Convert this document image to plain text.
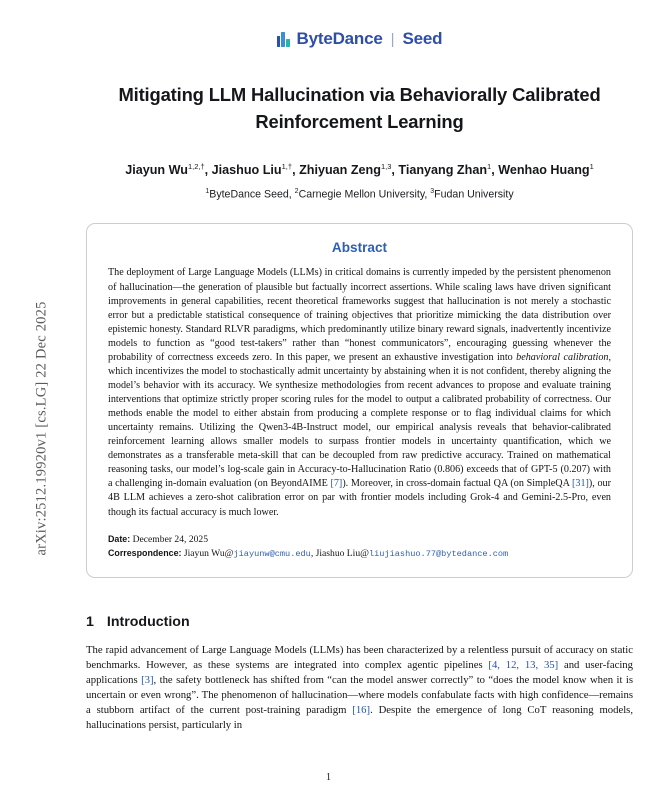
arXiv:2512.19920v1 [cs.LG] 22 Dec 2025
ByteDance | Seed
Mitigating LLM Hallucination via Behaviorally Calibrated Reinforcement Learning
Jiayun $Wu^{1,2,\dagger}$, Jiashuo Liu$^{1,\dagger}$, Zhiyuan Zeng$^{1,3}$, Tianyang Zhan$^1$, Wenhao Huang$^1$
$^1$ByteDance Seed, $^2$Carnegie Mellon University, $^3$Fudan University
Abstract
The deployment of Large Language Models (LLMs) in critical domains is currently impeded by the persistent phenomenon of hallucination—the generation of plausible but factually incorrect assertions. While scaling laws have driven significant improvements in general capabilities, recent theoretical frameworks suggest that hallucination is not merely a stochastic error but a predictable statistical consequence of training objectives that prioritize mimicking the data distribution over epistemic honesty. Standard RLVR paradigms, which predominantly utilize binary reward signals, inadvertently incentivize models to function as “good test-takers” rather than “honest communicators”, encouraging guessing whenever the probability of correctness exceeds zero. In this paper, we present an exhaustive investigation into behavioral calibration, which incentivizes the model to stochastically admit uncertainty by abstaining when it is not confident, thereby aligning the model’s behavior with its accuracy. We synthesize methodologies from recent advances to propose and evaluate training interventions that optimize strictly proper scoring rules for the model to output a calibrated probability of correctness. Our methods enable the model to either abstain from producing a complete response or to flag individual claims for which uncertainty remains. Utilizing the Qwen3-4B-Instruct model, our empirical analysis reveals that behavior-calibrated reinforcement learning allows smaller models to surpass frontier models in uncertainty quantification, which we demonstrates as a transferable meta-skill that can be decoupled from raw predictive accuracy. Trained on mathematical reasoning tasks, our model’s log-scale gain in Accuracy-to-Hallucination Ratio (0.806) exceeds that of GPT-5 (0.207) with a challenging in-domain evaluation (on BeyondAIME [7]). Moreover, in cross-domain factual QA (on SimpleQA [31]), our 4B LLM achieves a zero-shot calibration error on par with frontier models including Grok-4 and Gemini-2.5-Pro, even though its factual accuracy is much lower.
Date: December 24, 2025
Correspondence: Jiayun Wu@jiayunw@cmu.edu, Jiashuo Liu@liujiashuo.77@bytedance.com
1 Introduction
The rapid advancement of Large Language Models (LLMs) has been characterized by a relentless pursuit of accuracy on static benchmarks. However, as these systems are integrated into complex agentic pipelines [4, 12, 13, 35] and user-facing applications [3], the safety bottleneck has shifted from “can the model answer correctly” to “does the model know when it is uncertain or even wrong”. The phenomenon of hallucination—where models confabulate facts with high confidence—remains a stubborn artifact of the current post-training paradigm [16]. Despite the emergence of long CoT reasoning models, hallucinations persist, particularly in
1
